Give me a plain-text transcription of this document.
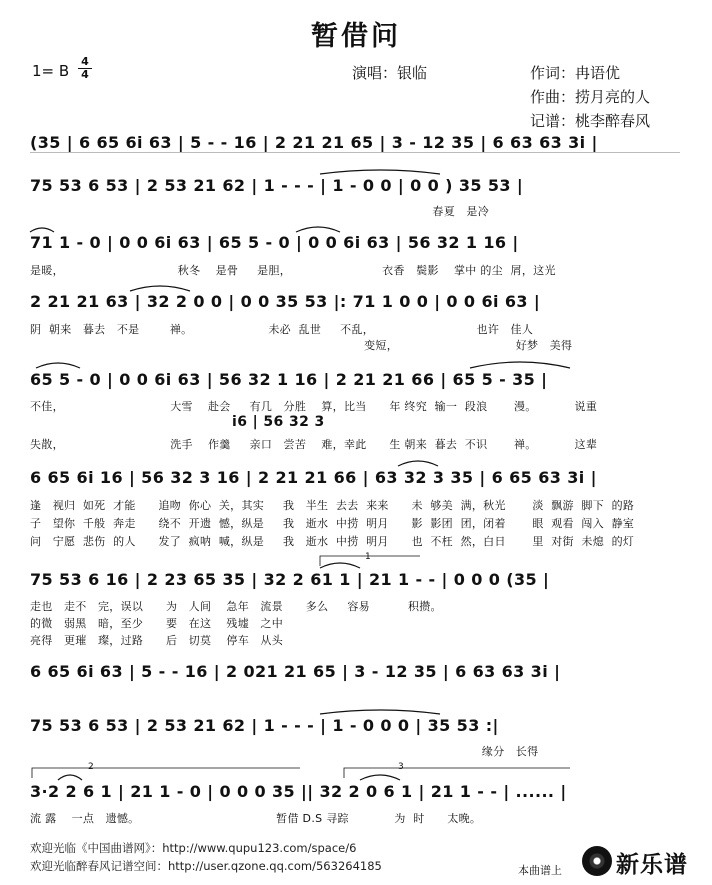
暂借问
1= B
4
4	演唱：银临	作词：冉语优
作曲：捞月亮的人
记谱：桃李醉春风
(35 | 6 65 6i 63 | 5 - - 16 | 2 21 21 65 | 3 - 12 35 | 6 63 63 3i |
75 53 6 53 | 2 53 21 62 | 1 - - - | 1 - 0 0 | 0 0 ) 35 53 |
春夏   是冷
71 1 - 0 | 0 0 6i 63 | 65 5 - 0 | 0 0 6i 63 | 56 32 1 16 |
是暖，                              秋冬    是骨     是胆，                        衣香   鬓影    掌中 的尘  屑，这光
2 21 21 63 | 32 2 0 0 | 0 0 35 53 |: 71 1 0 0 | 0 0 6i 63 |
阴  朝来   暮去   不是        禅。                    未必  乱世     不乱，                           也许   佳人
变短，                               好梦   美得
65 5 - 0 | 0 0 6i 63 | 56 32 1 16 | 2 21 21 66 | 65 5 - 35 |
不佳，                            大雪    赴会     有几   分胜    算，比当      年 终究  输一  段浪       漫。          说重
i6 | 56 32 3
失散，                            洗手    作羹     亲口   尝苦    难，幸此      生 朝来  暮去  不识       禅。          这辈
6 65 6i 16 | 56 32 3 16 | 2 21 21 66 | 63 32 3 35 | 6 65 63 3i |
逢   视归  如死  才能      追吻  你心  关，其实     我   半生  去去  来来      未  够美  满，秋光       淡  飘游  脚下  的路
子   望你  千般  奔走      绕不  开遗  憾，纵是     我   逝水  中捞  明月      影  影团  团，闭着       眼  观看  闯入  静室
问   宁愿  悲伤  的人      发了  疯呐  喊，纵是     我   逝水  中捞  明月      也  不枉  然，白日       里  对街  未熄  的灯
1
75 53 6 16 | 2 23 65 35 | 32 2 61 1 | 21 1 - - | 0 0 0 (35 |
走也   走不   完，误以      为   人间    急年   流景      多么     容易          积攒。
的微   弱黑   暗，至少      要   在这    残墟   之中
亮得   更璀   璨，过路      后   切莫    停车   从头
6 65 6i 63 | 5 - - 16 | 2 021 21 65 | 3 - 12 35 | 6 63 63 3i |
75 53 6 53 | 2 53 21 62 | 1 - - - | 1 - 0 0 0 | 35 53 :|
缘分   长得
2	3
3·2 2 6 1 | 21 1 - 0 | 0 0 0 35 || 32 2 0 6 1 | 21 1 - - | ...... |
流 露    一点   遗憾。                                    暂借 D.S 寻踪            为  时      太晚。
欢迎光临《中国曲谱网》：http://www.qupu123.com/space/6
欢迎光临醉春风记谱空间：http://user.qzone.qq.com/563264185	本曲谱上 新乐谱
